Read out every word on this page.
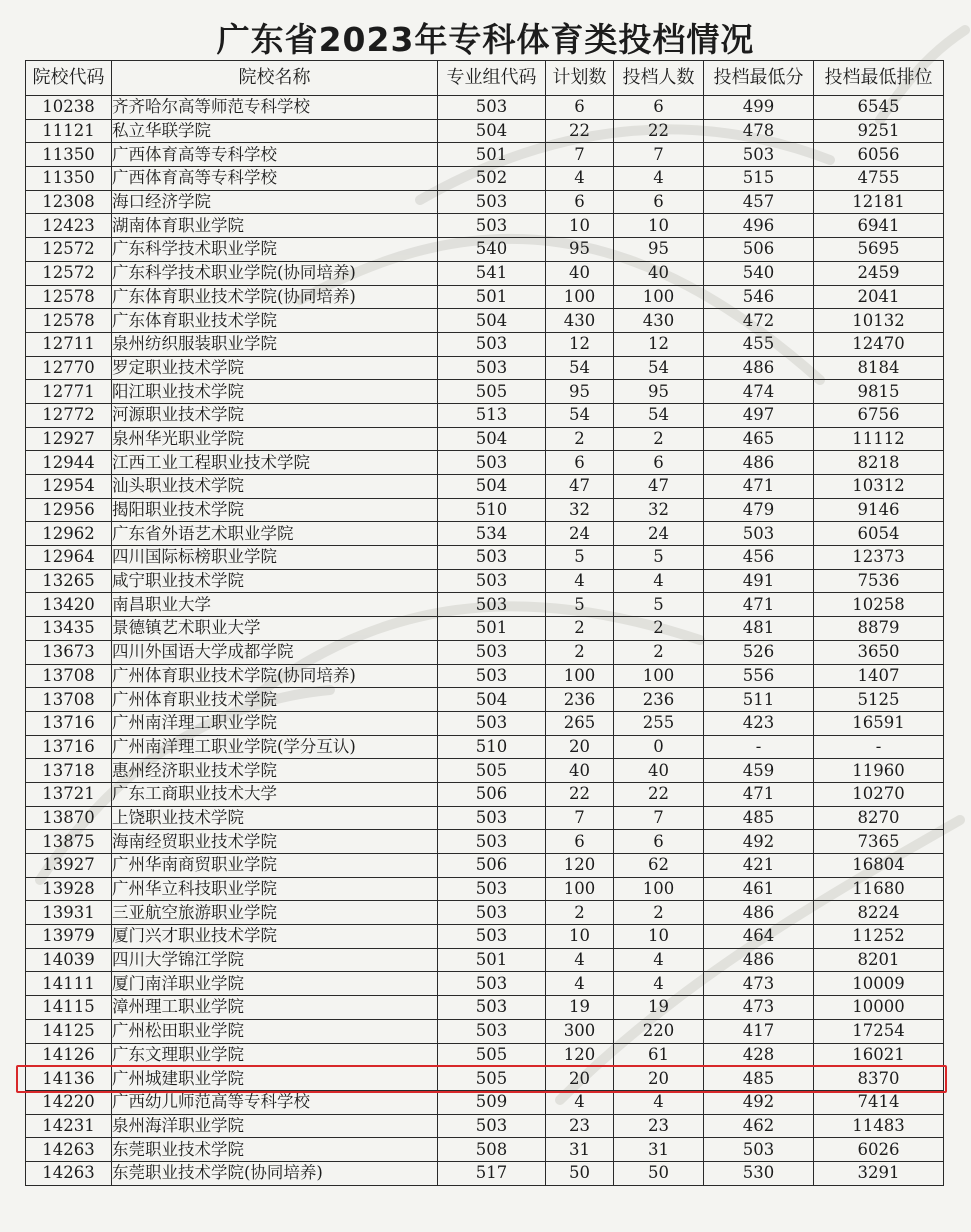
广东省2023年专科体育类投档情况
院校代码	院校名称	专业组代码	计划数	投档人数	投档最低分	投档最低排位
10238	齐齐哈尔高等师范专科学校	503	6	6	499	6545
11121	私立华联学院	504	22	22	478	9251
11350	广西体育高等专科学校	501	7	7	503	6056
11350	广西体育高等专科学校	502	4	4	515	4755
12308	海口经济学院	503	6	6	457	12181
12423	湖南体育职业学院	503	10	10	496	6941
12572	广东科学技术职业学院	540	95	95	506	5695
12572	广东科学技术职业学院(协同培养)	541	40	40	540	2459
12578	广东体育职业技术学院(协同培养)	501	100	100	546	2041
12578	广东体育职业技术学院	504	430	430	472	10132
12711	泉州纺织服装职业学院	503	12	12	455	12470
12770	罗定职业技术学院	503	54	54	486	8184
12771	阳江职业技术学院	505	95	95	474	9815
12772	河源职业技术学院	513	54	54	497	6756
12927	泉州华光职业学院	504	2	2	465	11112
12944	江西工业工程职业技术学院	503	6	6	486	8218
12954	汕头职业技术学院	504	47	47	471	10312
12956	揭阳职业技术学院	510	32	32	479	9146
12962	广东省外语艺术职业学院	534	24	24	503	6054
12964	四川国际标榜职业学院	503	5	5	456	12373
13265	咸宁职业技术学院	503	4	4	491	7536
13420	南昌职业大学	503	5	5	471	10258
13435	景德镇艺术职业大学	501	2	2	481	8879
13673	四川外国语大学成都学院	503	2	2	526	3650
13708	广州体育职业技术学院(协同培养)	503	100	100	556	1407
13708	广州体育职业技术学院	504	236	236	511	5125
13716	广州南洋理工职业学院	503	265	255	423	16591
13716	广州南洋理工职业学院(学分互认)	510	20	0	-	-
13718	惠州经济职业技术学院	505	40	40	459	11960
13721	广东工商职业技术大学	506	22	22	471	10270
13870	上饶职业技术学院	503	7	7	485	8270
13875	海南经贸职业技术学院	503	6	6	492	7365
13927	广州华南商贸职业学院	506	120	62	421	16804
13928	广州华立科技职业学院	503	100	100	461	11680
13931	三亚航空旅游职业学院	503	2	2	486	8224
13979	厦门兴才职业技术学院	503	10	10	464	11252
14039	四川大学锦江学院	501	4	4	486	8201
14111	厦门南洋职业学院	503	4	4	473	10009
14115	漳州理工职业学院	503	19	19	473	10000
14125	广州松田职业学院	503	300	220	417	17254
14126	广东文理职业学院	505	120	61	428	16021
14136	广州城建职业学院	505	20	20	485	8370
14220	广西幼儿师范高等专科学校	509	4	4	492	7414
14231	泉州海洋职业学院	503	23	23	462	11483
14263	东莞职业技术学院	508	31	31	503	6026
14263	东莞职业技术学院(协同培养)	517	50	50	530	3291
